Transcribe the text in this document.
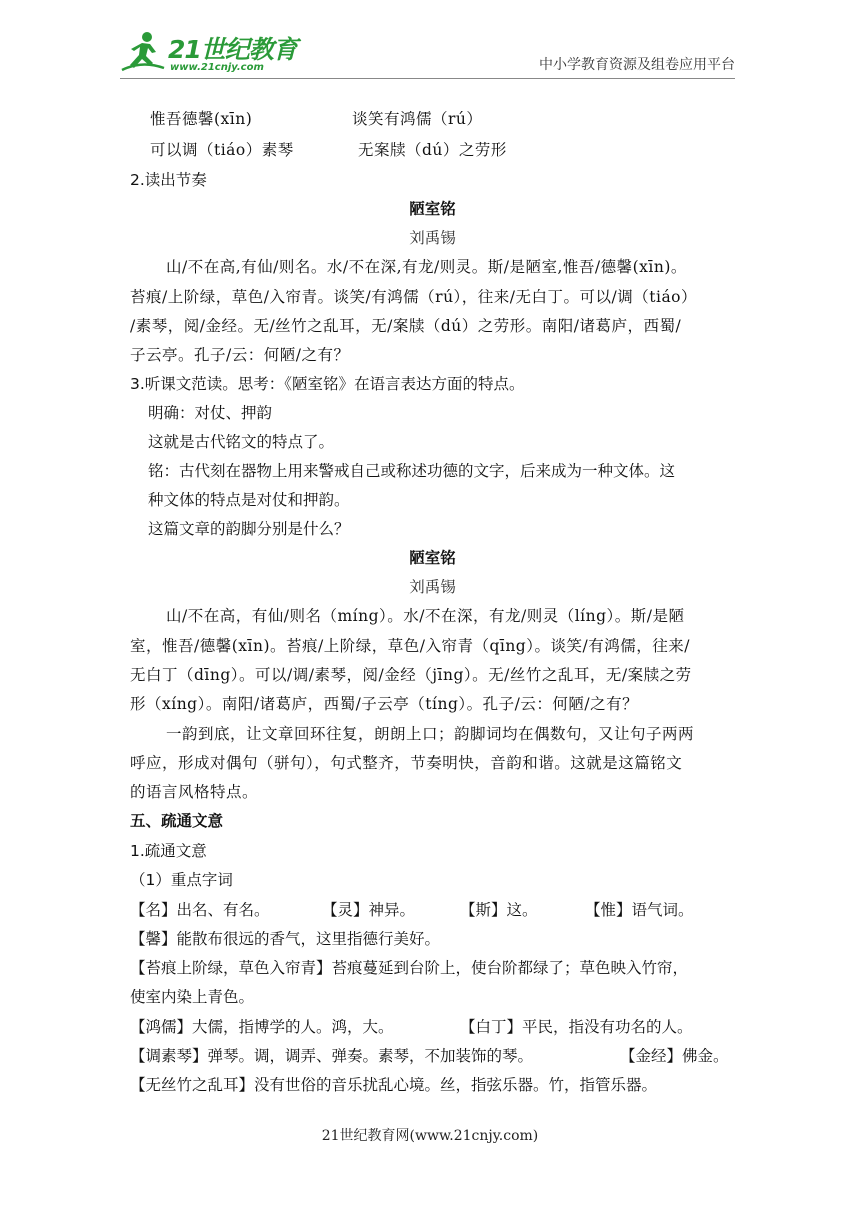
21世纪教育
www.21cnjy.com	中小学教育资源及组卷应用平台
惟吾德馨(xīn)	谈笑有鸿儒（rú）
可以调（tiáo）素琴	无案牍（dú）之劳形
2.读出节奏
陋室铭
刘禹锡
山/不在高,有仙/则名。水/不在深,有龙/则灵。斯/是陋室,惟吾/德馨(xīn)。
苔痕/上阶绿，草色/入帘青。谈笑/有鸿儒（rú），往来/无白丁。可以/调（tiáo）
/素琴，阅/金经。无/丝竹之乱耳，无/案牍（dú）之劳形。南阳/诸葛庐，西蜀/
子云亭。孔子/云：何陋/之有？
3.听课文范读。思考：《陋室铭》在语言表达方面的特点。
明确：对仗、押韵
这就是古代铭文的特点了。
铭：古代刻在器物上用来警戒自己或称述功德的文字，后来成为一种文体。这
种文体的特点是对仗和押韵。
这篇文章的韵脚分别是什么？
陋室铭
刘禹锡
山/不在高，有仙/则名（míng）。水/不在深，有龙/则灵（líng）。斯/是陋
室，惟吾/德馨(xīn)。苔痕/上阶绿，草色/入帘青（qīng）。谈笑/有鸿儒，往来/
无白丁（dīng）。可以/调/素琴，阅/金经（jīng）。无/丝竹之乱耳，无/案牍之劳
形（xíng）。南阳/诸葛庐，西蜀/子云亭（tíng）。孔子/云：何陋/之有？
一韵到底，让文章回环往复，朗朗上口；韵脚词均在偶数句，又让句子两两
呼应，形成对偶句（骈句），句式整齐，节奏明快，音韵和谐。这就是这篇铭文
的语言风格特点。
五、疏通文意
1.疏通文意
（1）重点字词
【名】出名、有名。	【灵】神异。	【斯】这。	【惟】语气词。
【馨】能散布很远的香气，这里指德行美好。
【苔痕上阶绿，草色入帘青】苔痕蔓延到台阶上，使台阶都绿了；草色映入竹帘，
使室内染上青色。
【鸿儒】大儒，指博学的人。鸿，大。	【白丁】平民，指没有功名的人。
【调素琴】弹琴。调，调弄、弹奏。素琴，不加装饰的琴。	【金经】佛金。
【无丝竹之乱耳】没有世俗的音乐扰乱心境。丝，指弦乐器。竹，指管乐器。
21世纪教育网(www.21cnjy.com)
